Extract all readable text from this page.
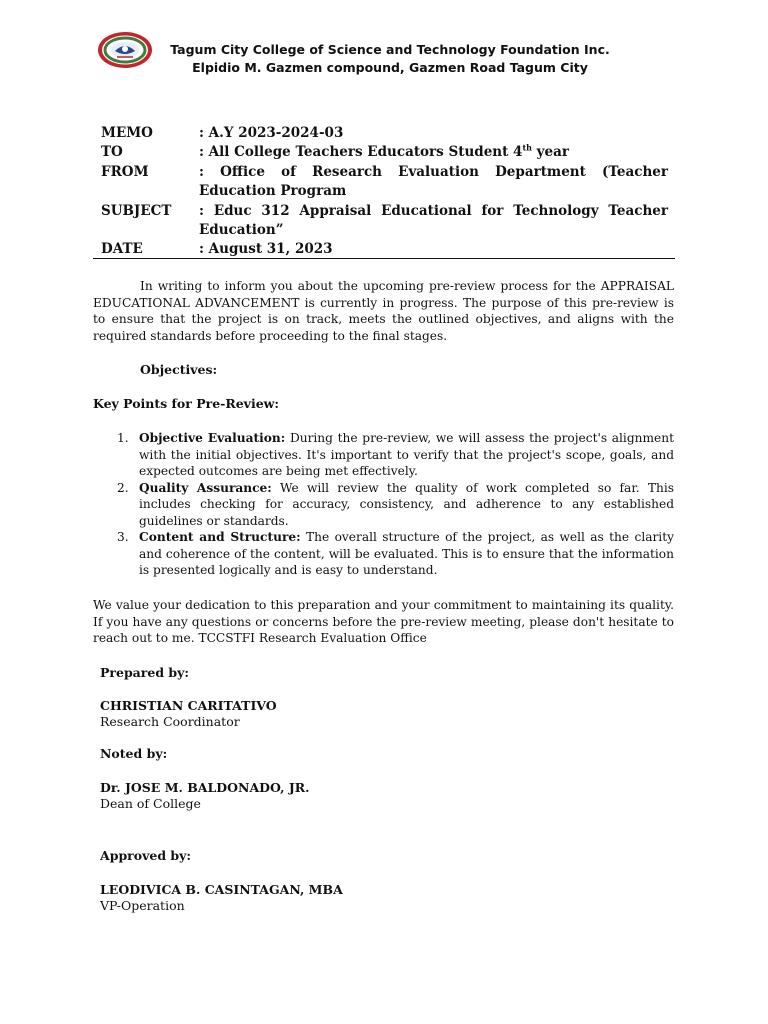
Tagum City College of Science and Technology Foundation Inc.
Elpidio M. Gazmen compound, Gazmen Road Tagum City
MEMO	: A.Y 2023-2024-03
TO	: All College Teachers Educators Student 4th year
FROM	: Office of Research Evaluation Department (Teacher Education Program
SUBJECT	: Educ 312 Appraisal Educational for Technology Teacher Education”
DATE	: August 31, 2023

In writing to inform you about the upcoming pre-review process for the APPRAISAL EDUCATIONAL ADVANCEMENT is currently in progress. The purpose of this pre-review is to ensure that the project is on track, meets the outlined objectives, and aligns with the required standards before proceeding to the final stages.

Objectives:
Key Points for Pre-Review:
1. Objective Evaluation: During the pre-review, we will assess the project's alignment with the initial objectives. It's important to verify that the project's scope, goals, and expected outcomes are being met effectively.
2. Quality Assurance: We will review the quality of work completed so far. This includes checking for accuracy, consistency, and adherence to any established guidelines or standards.
3. Content and Structure: The overall structure of the project, as well as the clarity and coherence of the content, will be evaluated. This is to ensure that the information is presented logically and is easy to understand.

We value your dedication to this preparation and your commitment to maintaining its quality. If you have any questions or concerns before the pre-review meeting, please don't hesitate to reach out to me. TCCSTFI Research Evaluation Office

Prepared by:
CHRISTIAN CARITATIVO
Research Coordinator
Noted by:
Dr. JOSE M. BALDONADO, JR.
Dean of College
Approved by:
LEODIVICA B. CASINTAGAN, MBA
VP-Operation
